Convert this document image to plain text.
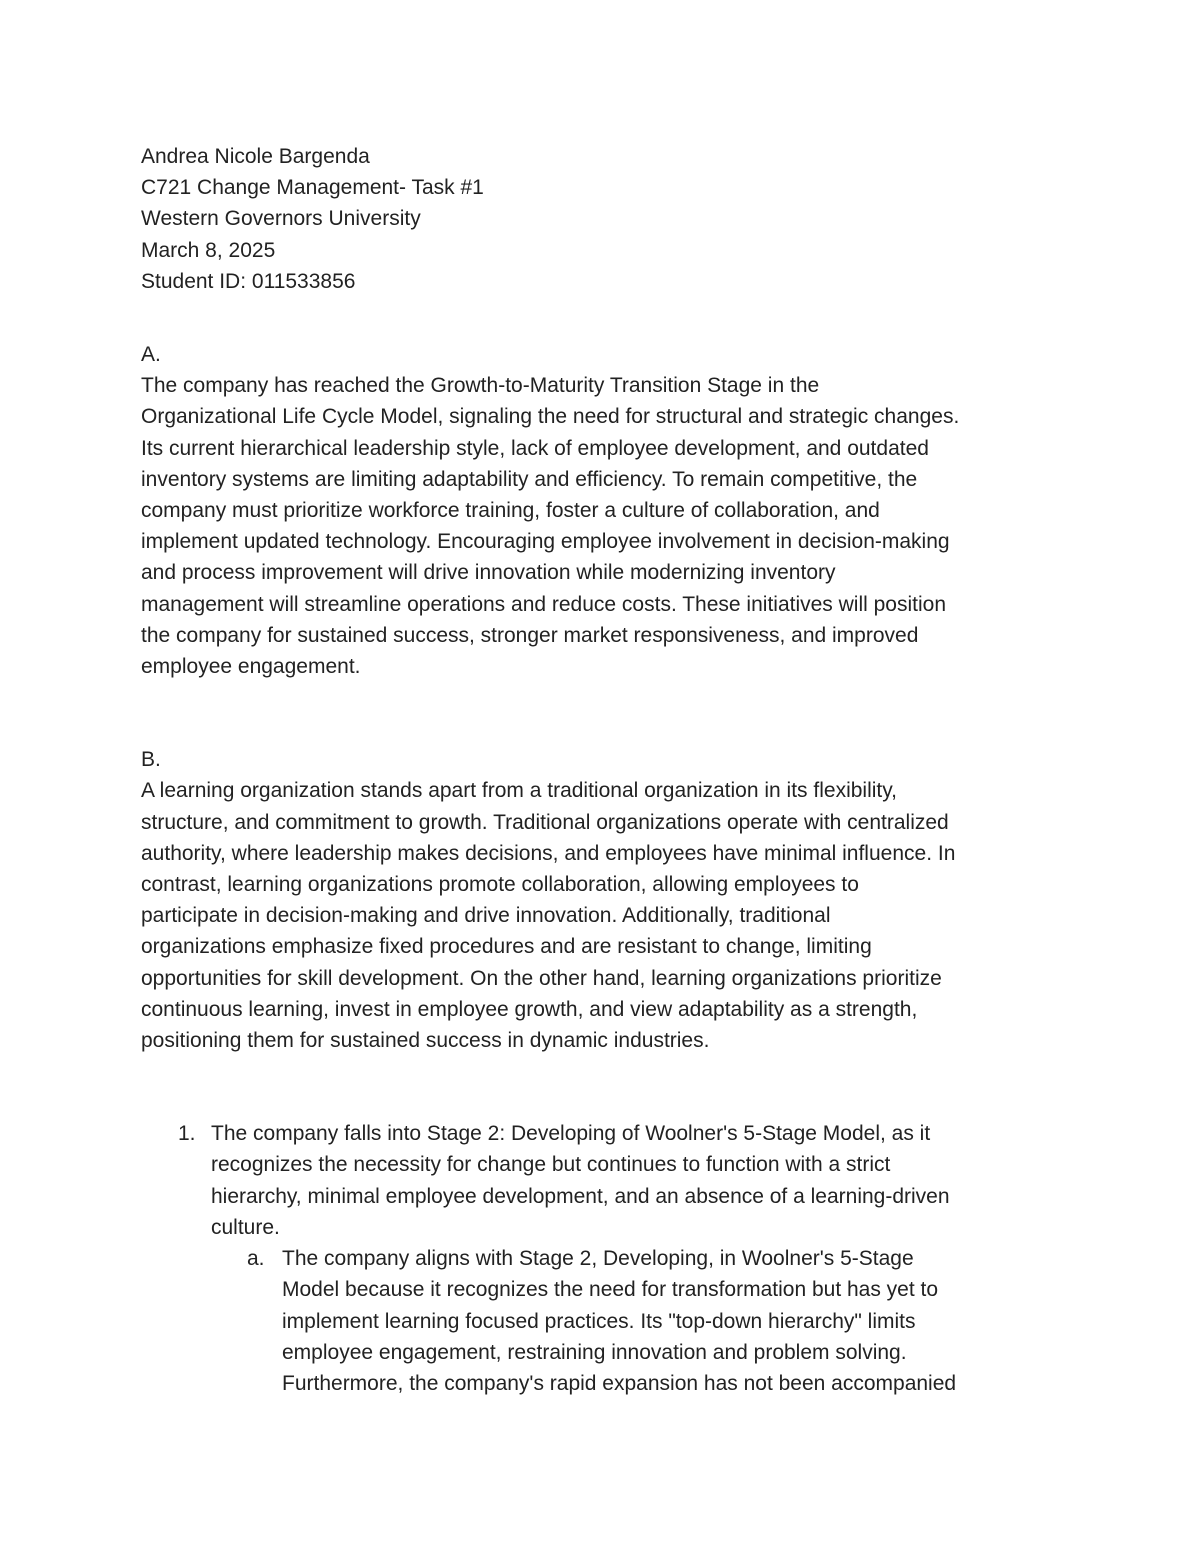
Andrea Nicole Bargenda
C721 Change Management- Task #1
Western Governors University
March 8, 2025
Student ID: 011533856
A.
The company has reached the Growth-to-Maturity Transition Stage in the
Organizational Life Cycle Model, signaling the need for structural and strategic changes.
Its current hierarchical leadership style, lack of employee development, and outdated
inventory systems are limiting adaptability and efficiency. To remain competitive, the
company must prioritize workforce training, foster a culture of collaboration, and
implement updated technology. Encouraging employee involvement in decision-making
and process improvement will drive innovation while modernizing inventory
management will streamline operations and reduce costs. These initiatives will position
the company for sustained success, stronger market responsiveness, and improved
employee engagement.
B.
A learning organization stands apart from a traditional organization in its flexibility,
structure, and commitment to growth. Traditional organizations operate with centralized
authority, where leadership makes decisions, and employees have minimal influence. In
contrast, learning organizations promote collaboration, allowing employees to
participate in decision-making and drive innovation. Additionally, traditional
organizations emphasize fixed procedures and are resistant to change, limiting
opportunities for skill development. On the other hand, learning organizations prioritize
continuous learning, invest in employee growth, and view adaptability as a strength,
positioning them for sustained success in dynamic industries.
1. The company falls into Stage 2: Developing of Woolner's 5-Stage Model, as it
recognizes the necessity for change but continues to function with a strict
hierarchy, minimal employee development, and an absence of a learning-driven
culture.
a. The company aligns with Stage 2, Developing, in Woolner's 5-Stage
Model because it recognizes the need for transformation but has yet to
implement learning focused practices. Its "top-down hierarchy" limits
employee engagement, restraining innovation and problem solving.
Furthermore, the company's rapid expansion has not been accompanied
